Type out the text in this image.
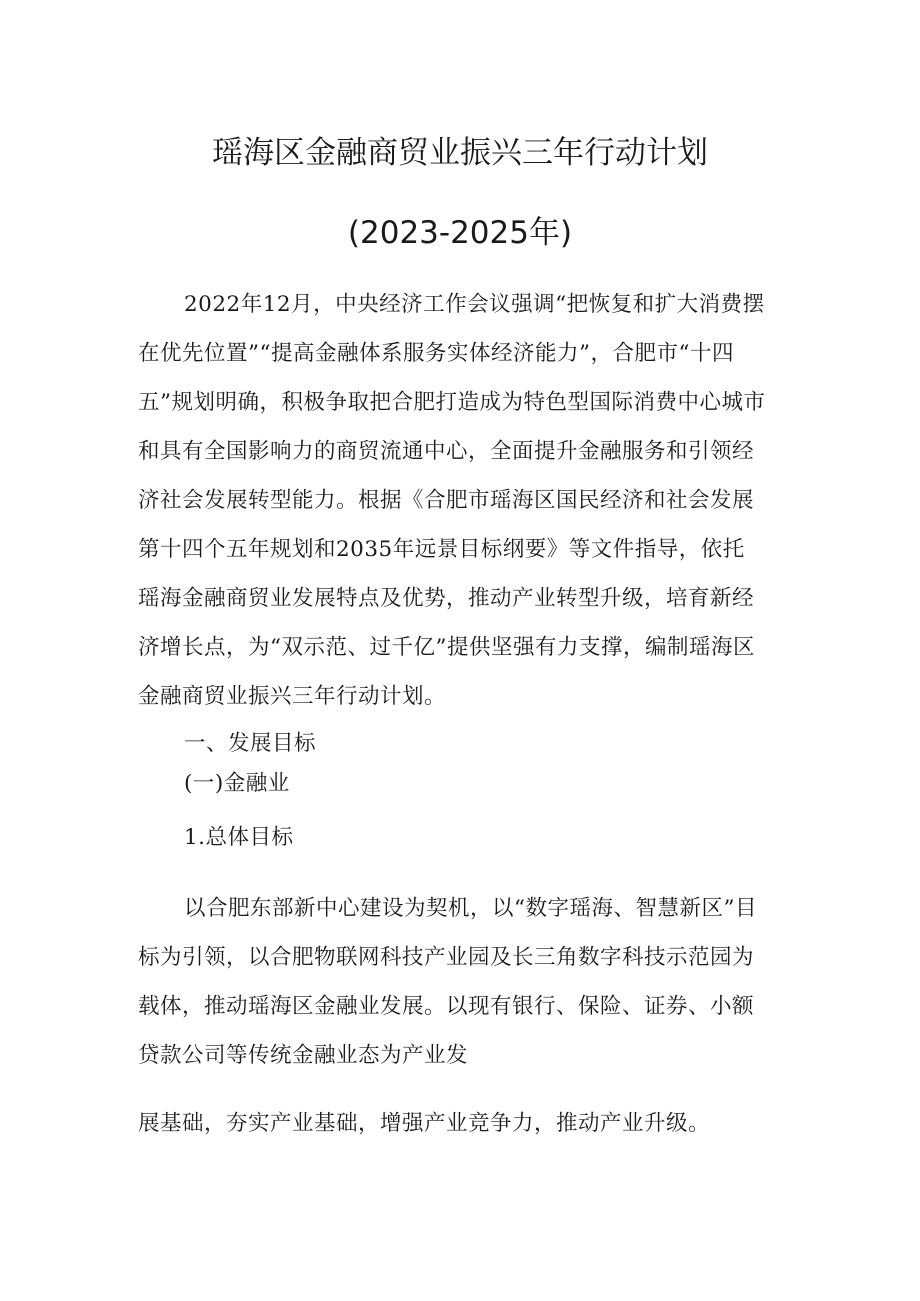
瑶海区金融商贸业振兴三年行动计划
(2023-2025年)

2022年12月，中央经济工作会议强调“把恢复和扩大消费摆在优先位置”“提高金融体系服务实体经济能力”，合肥市“十四五”规划明确，积极争取把合肥打造成为特色型国际消费中心城市和具有全国影响力的商贸流通中心，全面提升金融服务和引领经济社会发展转型能力。根据《合肥市瑶海区国民经济和社会发展第十四个五年规划和2035年远景目标纲要》等文件指导，依托瑶海金融商贸业发展特点及优势，推动产业转型升级，培育新经济增长点，为“双示范、过千亿”提供坚强有力支撑，编制瑶海区金融商贸业振兴三年行动计划。

一、发展目标

(一)金融业

1.总体目标

以合肥东部新中心建设为契机，以“数字瑶海、智慧新区”目标为引领，以合肥物联网科技产业园及长三角数字科技示范园为载体，推动瑶海区金融业发展。以现有银行、保险、证券、小额贷款公司等传统金融业态为产业发

展基础，夯实产业基础，增强产业竞争力，推动产业升级。
